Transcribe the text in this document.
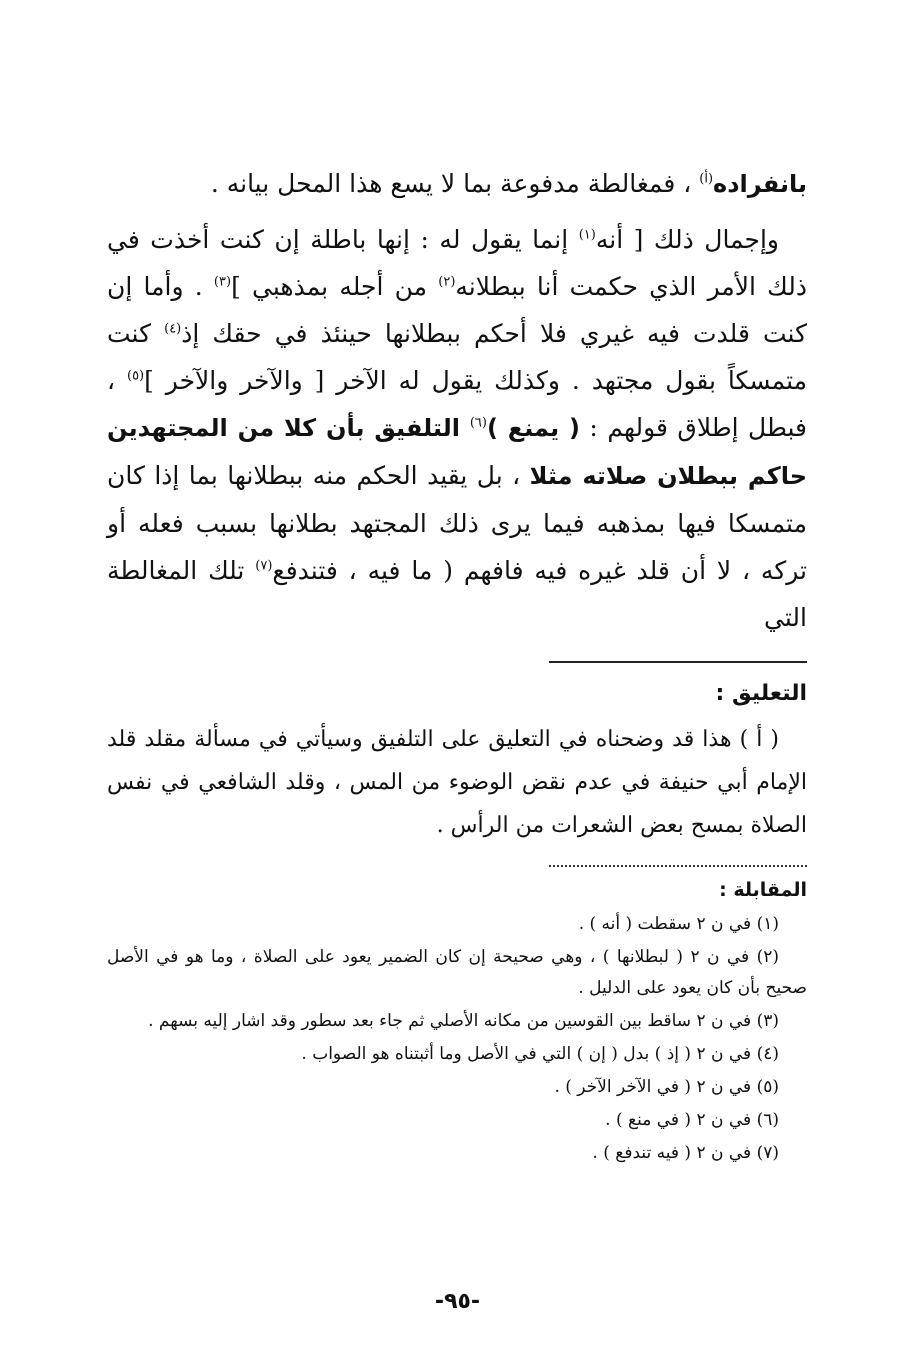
بانفراده$^{(أ)}$ ، فمغالطة مدفوعة بما لا يسع هذا المحل بيانه .

وإجمال ذلك [ أنه$^{(١)}$ إنما يقول له : إنها باطلة إن كنت أخذت في ذلك الأمر الذي حكمت أنا ببطلانه$^{(٢)}$ من أجله بمذهبي ]$^{(٣)}$ . وأما إن كنت قلدت فيه غيري فلا أحكم ببطلانها حينئذ في حقك إذ$^{(٤)}$ كنت متمسكاً بقول مجتهد . وكذلك يقول له الآخر [ والآخر والآخر ]$^{(٥)}$ ، فبطل إطلاق قولهم : ( يمنع )$^{(٦)}$ التلفيق بأن كلا من المجتهدين حاكم ببطلان صلاته مثلا ، بل يقيد الحكم منه ببطلانها بما إذا كان متمسكا فيها بمذهبه فيما يرى ذلك المجتهد بطلانها بسبب فعله أو تركه ، لا أن قلد غيره فيه فافهم ( ما فيه ، فتندفع$^{(٧)}$ تلك المغالطة التي

التعليق :

( أ ) هذا قد وضحناه في التعليق على التلفيق وسيأتي في مسألة مقلد قلد الإمام أبي حنيفة في عدم نقض الوضوء من المس ، وقلد الشافعي في نفس الصلاة بمسح بعض الشعرات من الرأس .

المقابلة :
(١) في ن ٢ سقطت ( أنه ) .
(٢) في ن ٢ ( لبطلانها ) ، وهي صحيحة إن كان الضمير يعود على الصلاة ، وما هو في الأصل صحيح بأن كان يعود على الدليل .
(٣) في ن ٢ ساقط بين القوسين من مكانه الأصلي ثم جاء بعد سطور وقد اشار إليه بسهم .
(٤) في ن ٢ ( إذ ) بدل ( إن ) التي في الأصل وما أثبتناه هو الصواب .
(٥) في ن ٢ ( في الآخر الآخر ) .
(٦) في ن ٢ ( في منع ) .
(٧) في ن ٢ ( فيه تندفع ) .
-٩٥-
